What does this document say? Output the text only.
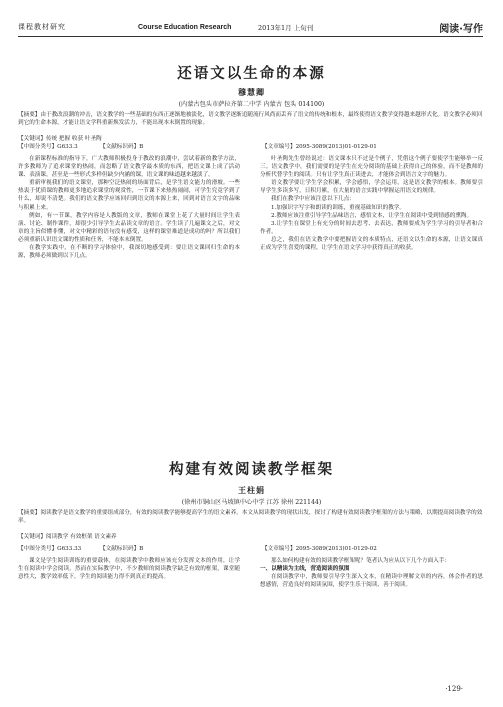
课程教材研究	Course Education Research	2013年1月 上旬刊	阅读·写作
还语文以生命的本源
穆慧卿
(内蒙古包头市萨拉齐第二中学 内蒙古 包头 014100)
【摘要】由于教改浪潮的冲击，语文教学的一些基础的东西正逐渐地被淡化，语文教学逐渐追随流行风尚而丢弃了语文的传统和根本，最终使得语文教学变得越来越形式化。语文教学必须回到它的生命本源，才能让语文学科重新焕发活力，不能出现本末倒置的现象。
【关键词】传统 把握 收获 叶圣陶
【中图分类号】G633.3	【文献标识码】B	【文章编号】2095-3089(2013)01-0129-01

在新课程标准的指导下，广大教师积极投身于教改的浪潮中，尝试着新的教学方法，许多教师为了追求课堂的热闹，而忽略了语文教学最本质的东西，把语文课上成了活动课、表演课，甚至是一些形式多样但缺少内涵的课，语文课的味道越来越淡了。

重新审视我们的语文课堂，那种空泛热闹的场面背后，是学生语文能力的滑坡。一些热衷于优质课的教师更多地追求课堂的观赏性，一节课下来热热闹闹，可学生究竟学到了什么，却说不清楚。我们的语文教学应该回归到语文的本源上来，回到对语言文字的品味与积累上来。

例如，有一节课，教学内容是人教版的文章，教师在课堂上花了大量时间让学生表演、讨论、制作课件，却很少引导学生去品读文章的语言。学生读了几遍课文之后，对文章的主旨似懂非懂，对文中精彩的语句没有感受，这样的课堂难道是成功的吗？所以我们必须重新认识语文课的性质和任务，不能本末倒置。

在教学实践中，在不断的学习体验中，我深切地感受到：要让语文课回归生命的本源，教师必须做到以下几点。

叶圣陶先生曾经说过：语文课本只不过是个例子，凭借这个例子要使学生能够举一反三。语文教学中，我们需要的是学生在充分阅读的基础上获得自己的体验，而不是教师的分析代替学生的阅读。只有让学生真正读进去，才能体会到语言文字的魅力。

语文教学要让学生学会积累，学会感悟，学会运用，这是语文教学的根本。教师要引导学生多读多写，日积月累，在大量的语言实践中掌握运用语文的规律。

我们在教学中应该注意以下几点：

1.加强识字写字和朗读的训练，重视基础知识的教学。

2.教师应该注重引导学生品味语言，感悟文本，让学生在阅读中受到情感的熏陶。

3.让学生在课堂上有充分的时间去思考、去表达，教师要成为学生学习的引导者和合作者。

总之，我们在语文教学中要把握语文的本质特点，还语文以生命的本源，让语文课真正成为学生喜爱的课程，让学生在语文学习中获得真正的收获。

构建有效阅读教学框架
王柱娟
(徐州市铜山区马坡镇中心中学 江苏 徐州 221144)
【摘要】阅读教学是语文教学的重要组成部分，有效的阅读教学能够提高学生的语文素养。本文从阅读教学的现状出发，探讨了构建有效阅读教学框架的方法与策略，以期提高阅读教学的效率。
【关键词】阅读教学 有效框架 语文素养
【中图分类号】G633.33	【文献标识码】B	【文章编号】2095-3089(2013)01-0129-02

课文是学生阅读训练的重要载体，在阅读教学中教师应该充分发挥文本的作用，让学生在阅读中学会阅读。然而在实际教学中，不少教师的阅读教学缺乏有效的框架，课堂随意性大，教学效率低下，学生的阅读能力得不到真正的提高。

那么如何构建有效的阅读教学框架呢？笔者认为应从以下几个方面入手：

一、以精读为主线，营造阅读的氛围

在阅读教学中，教师要引导学生深入文本，在精读中理解文章的内容，体会作者的思想感情，营造良好的阅读氛围，使学生乐于阅读、善于阅读。

·129·
